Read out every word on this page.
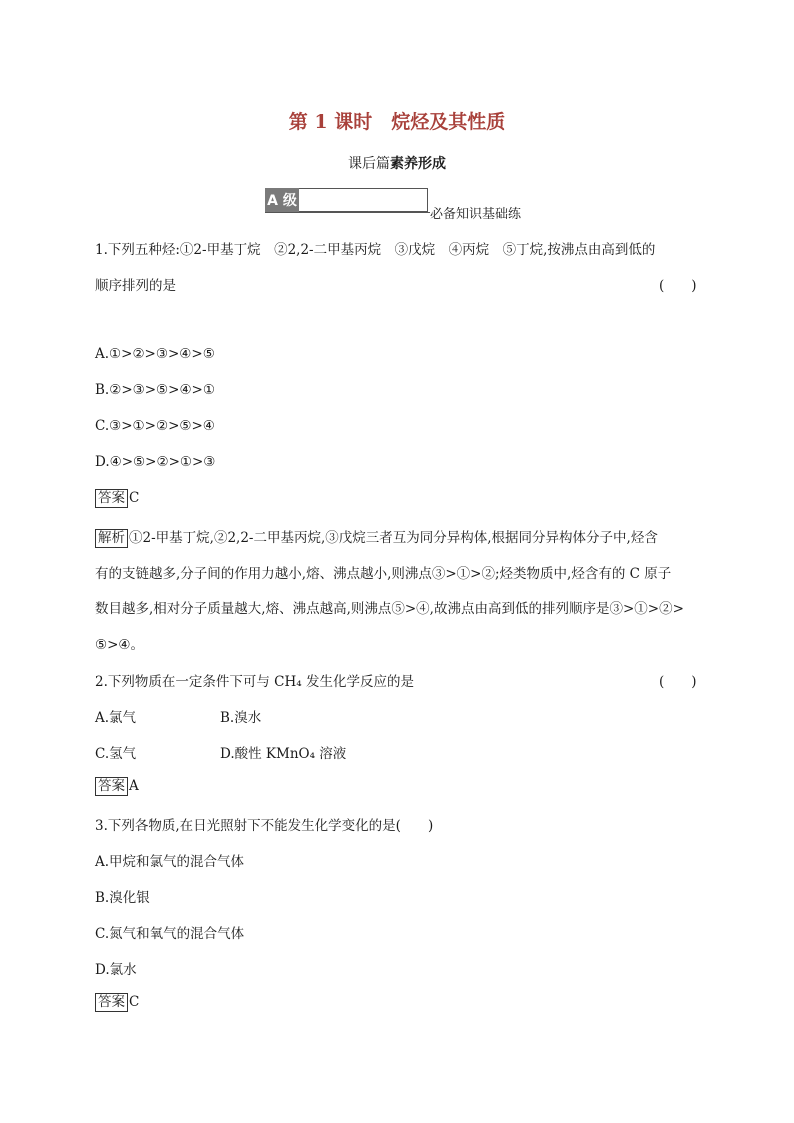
第 1 课时　烷烃及其性质
课后篇素养形成
A 级
必备知识基础练
1.下列五种烃:①2-甲基丁烷　②2,2-二甲基丙烷　③戊烷　④丙烷　⑤丁烷,按沸点由高到低的
顺序排列的是	(　　)
A.①>②>③>④>⑤
B.②>③>⑤>④>①
C.③>①>②>⑤>④
D.④>⑤>②>①>③
答案 C
解析 ①2-甲基丁烷,②2,2-二甲基丙烷,③戊烷三者互为同分异构体,根据同分异构体分子中,烃含
有的支链越多,分子间的作用力越小,熔、沸点越小,则沸点③>①>②;烃类物质中,烃含有的 C 原子
数目越多,相对分子质量越大,熔、沸点越高,则沸点⑤>④,故沸点由高到低的排列顺序是③>①>②>
⑤>④。
2.下列物质在一定条件下可与 CH₄ 发生化学反应的是	(　　)
A.氯气	B.溴水
C.氢气	D.酸性 KMnO₄ 溶液
答案 A
3.下列各物质,在日光照射下不能发生化学变化的是(　　)
A.甲烷和氯气的混合气体
B.溴化银
C.氮气和氧气的混合气体
D.氯水
答案 C
